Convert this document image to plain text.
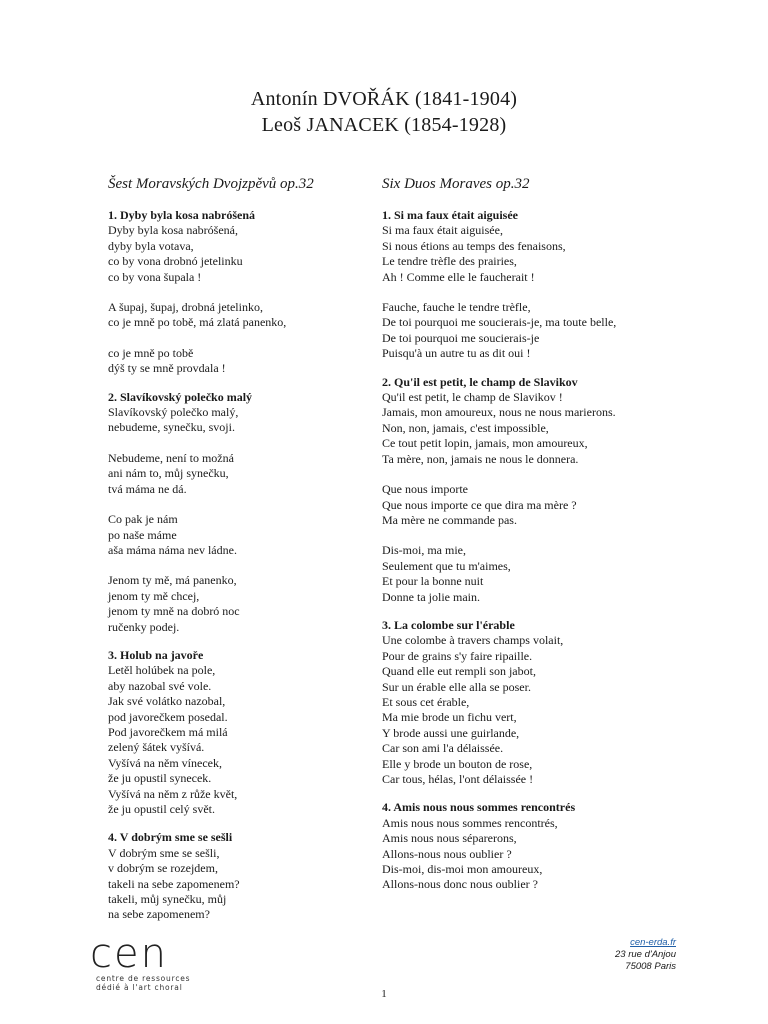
Antonín DVOŘÁK (1841-1904)
Leoš JANACEK (1854-1928)
Šest Moravských Dvojzpěvů op.32
1. Dyby byla kosa nabróšená
Dyby byla kosa nabróšená,
dyby byla votava,
co by vona drobnó jetelinku
co by vona šupala !
A šupaj, šupaj, drobná jetelinko,
co je mně po tobě, má zlatá panenko,
co je mně po tobě
dýš ty se mně provdala !
2. Slavíkovský polečko malý
Slavíkovský polečko malý,
nebudeme, synečku, svoji.
Nebudeme, není to možná
ani nám to, můj synečku,
tvá máma ne dá.
Co pak je nám
po naše máme
aša máma náma nev ládne.
Jenom ty mě, má panenko,
jenom ty mě chcej,
jenom ty mně na dobró noc
ručenky podej.
3. Holub na javoře
Letěl holúbek na pole,
aby nazobal své vole.
Jak své volátko nazobal,
pod javorečkem posedal.
Pod javorečkem má milá
zelený šátek vyšívá.
Vyšívá na něm vínecek,
že ju opustil synecek.
Vyšívá na něm z růže květ,
že ju opustil celý svět.
4. V dobrým sme se sešli
V dobrým sme se sešli,
v dobrým se rozejdem,
takeli na sebe zapomenem?
takeli, můj synečku, můj
na sebe zapomenem?
Six Duos Moraves op.32
1. Si ma faux était aiguisée
Si ma faux était aiguisée,
Si nous étions au temps des fenaisons,
Le tendre trèfle des prairies,
Ah ! Comme elle le faucherait !
Fauche, fauche le tendre trèfle,
De toi pourquoi me soucierais-je, ma toute belle,
De toi pourquoi me soucierais-je
Puisqu'à un autre tu as dit oui !
2. Qu'il est petit, le champ de Slavikov
Qu'il est petit, le champ de Slavikov !
Jamais, mon amoureux, nous ne nous marierons.
Non, non, jamais, c'est impossible,
Ce tout petit lopin, jamais, mon amoureux,
Ta mère, non, jamais ne nous le donnera.
Que nous importe
Que nous importe ce que dira ma mère ?
Ma mère ne commande pas.
Dis-moi, ma mie,
Seulement que tu m'aimes,
Et pour la bonne nuit
Donne ta jolie main.
3. La colombe sur l'érable
Une colombe à travers champs volait,
Pour de grains s'y faire ripaille.
Quand elle eut rempli son jabot,
Sur un érable elle alla se poser.
Et sous cet érable,
Ma mie brode un fichu vert,
Y brode aussi une guirlande,
Car son ami l'a délaissée.
Elle y brode un bouton de rose,
Car tous, hélas, l'ont délaissée !
4. Amis nous nous sommes rencontrés
Amis nous nous sommes rencontrés,
Amis nous nous séparerons,
Allons-nous nous oublier ?
Dis-moi, dis-moi mon amoureux,
Allons-nous donc nous oublier ?
cen
centre de ressources
dédié à l'art choral
cen-erda.fr
23 rue d'Anjou
75008 Paris
1
